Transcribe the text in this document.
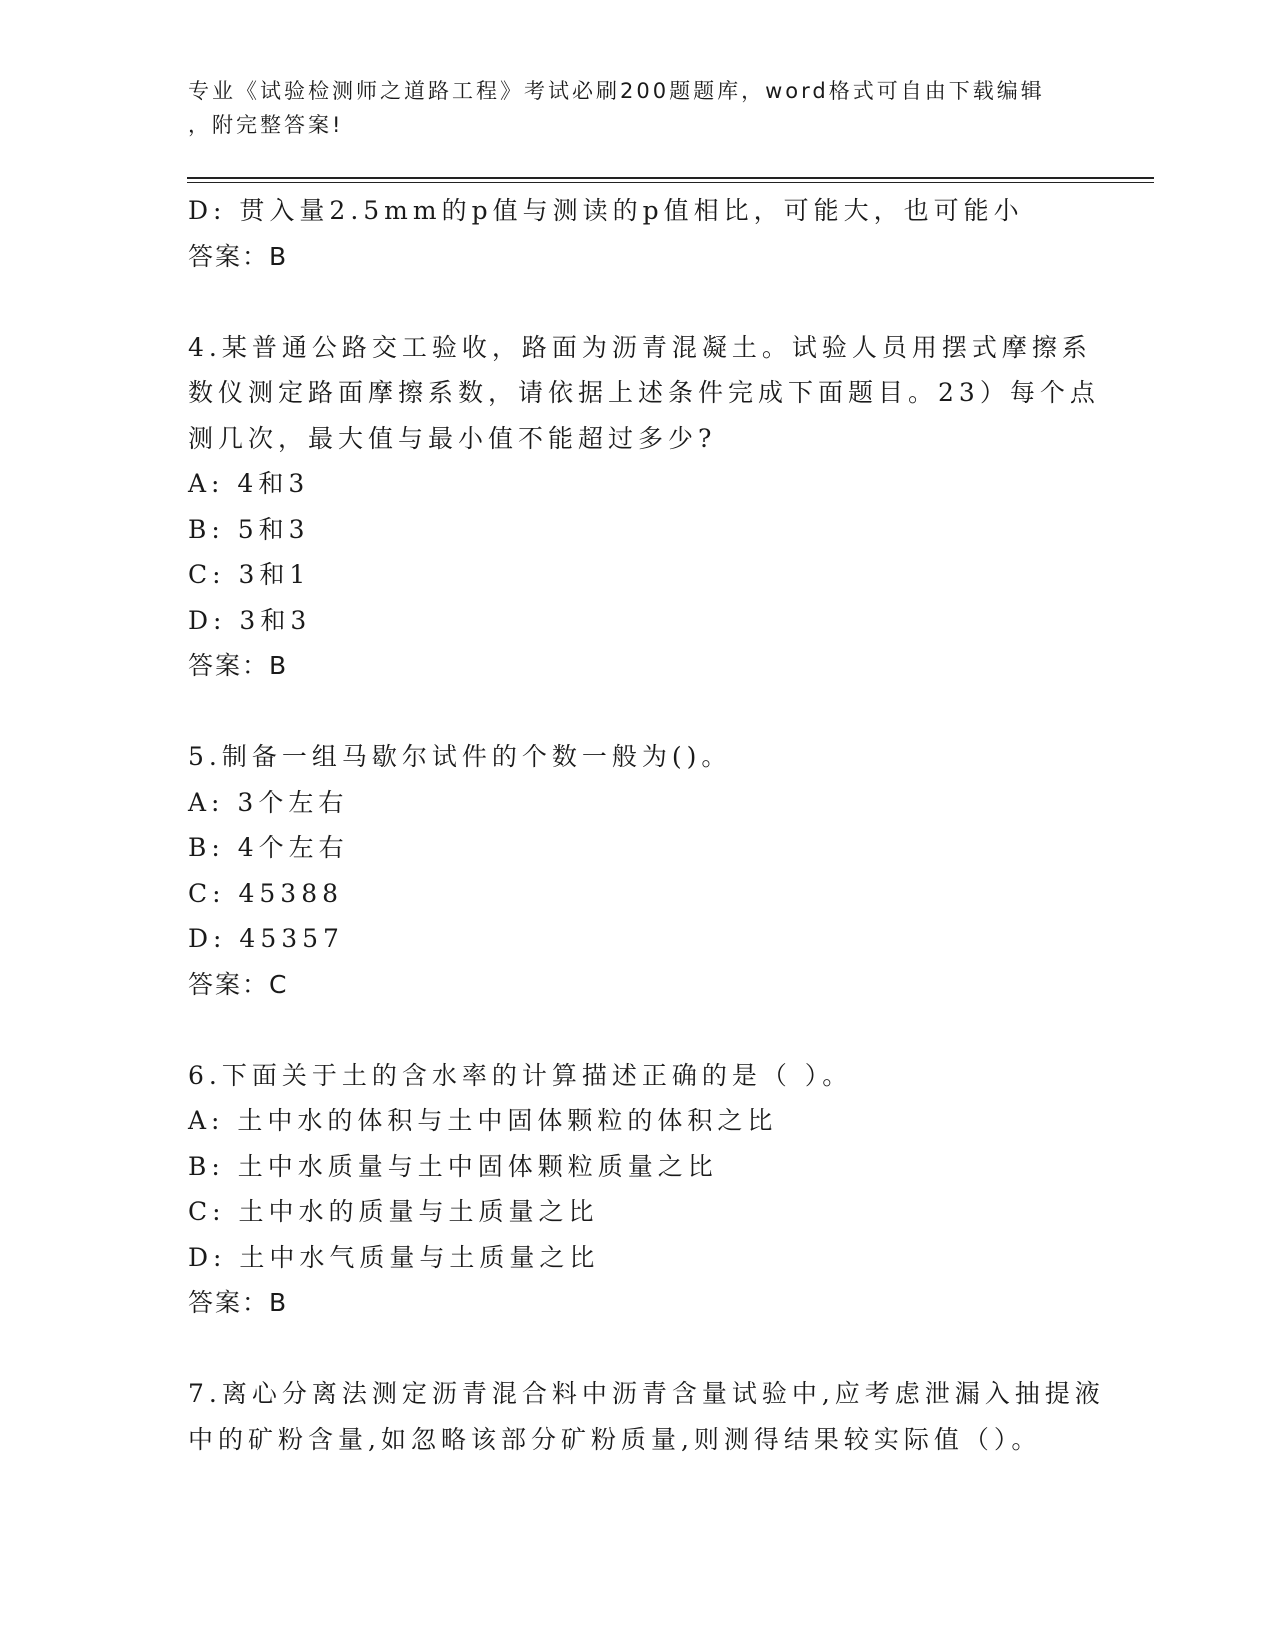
专业《试验检测师之道路工程》考试必刷200题题库，word格式可自由下载编辑
，附完整答案!
D: 贯入量2.5mm的p值与测读的p值相比，可能大，也可能小
答案：B
4.某普通公路交工验收，路面为沥青混凝土。试验人员用摆式摩擦系
数仪测定路面摩擦系数，请依据上述条件完成下面题目。23）每个点
测几次，最大值与最小值不能超过多少?
A: 4和3
B: 5和3
C: 3和1
D: 3和3
答案：B
5.制备一组马歇尔试件的个数一般为()。
A: 3个左右
B: 4个左右
C: 45388
D: 45357
答案：C
6.下面关于土的含水率的计算描述正确的是（ ）。
A: 土中水的体积与土中固体颗粒的体积之比
B: 土中水质量与土中固体颗粒质量之比
C: 土中水的质量与土质量之比
D: 土中水气质量与土质量之比
答案：B
7.离心分离法测定沥青混合料中沥青含量试验中,应考虑泄漏入抽提液
中的矿粉含量,如忽略该部分矿粉质量,则测得结果较实际值（）。
